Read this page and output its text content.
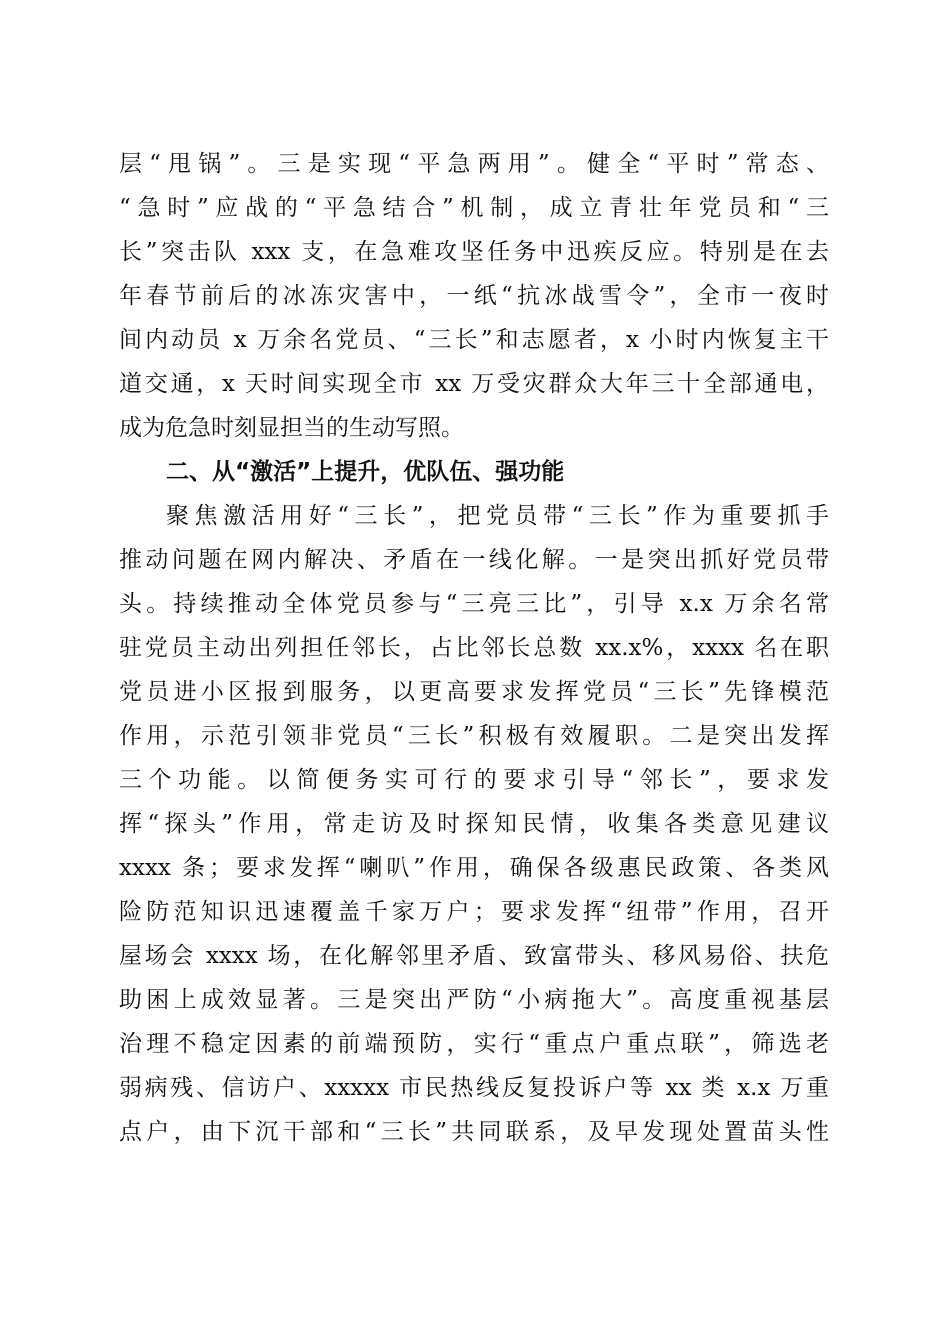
层“甩锅”。三是实现“平急两用”。健全“平时”常态、
“急时”应战的“平急结合”机制，成立青壮年党员和“三
长”突击队 xxx 支，在急难攻坚任务中迅疾反应。特别是在去
年春节前后的冰冻灾害中，一纸“抗冰战雪令”，全市一夜时
间内动员 x 万余名党员、“三长”和志愿者，x 小时内恢复主干
道交通，x 天时间实现全市 xx 万受灾群众大年三十全部通电，
成为危急时刻显担当的生动写照。
二、从“激活”上提升，优队伍、强功能
聚焦激活用好“三长”，把党员带“三长”作为重要抓手
推动问题在网内解决、矛盾在一线化解。一是突出抓好党员带
头。持续推动全体党员参与“三亮三比”，引导 x.x 万余名常
驻党员主动出列担任邻长，占比邻长总数 xx.x%，xxxx 名在职
党员进小区报到服务，以更高要求发挥党员“三长”先锋模范
作用，示范引领非党员“三长”积极有效履职。二是突出发挥
三个功能。以简便务实可行的要求引导“邻长”，要求发
挥“探头”作用，常走访及时探知民情，收集各类意见建议
xxxx 条；要求发挥“喇叭”作用，确保各级惠民政策、各类风
险防范知识迅速覆盖千家万户；要求发挥“纽带”作用，召开
屋场会 xxxx 场，在化解邻里矛盾、致富带头、移风易俗、扶危
助困上成效显著。三是突出严防“小病拖大”。高度重视基层
治理不稳定因素的前端预防，实行“重点户重点联”，筛选老
弱病残、信访户、xxxxx 市民热线反复投诉户等 xx 类 x.x 万重
点户，由下沉干部和“三长”共同联系，及早发现处置苗头性
